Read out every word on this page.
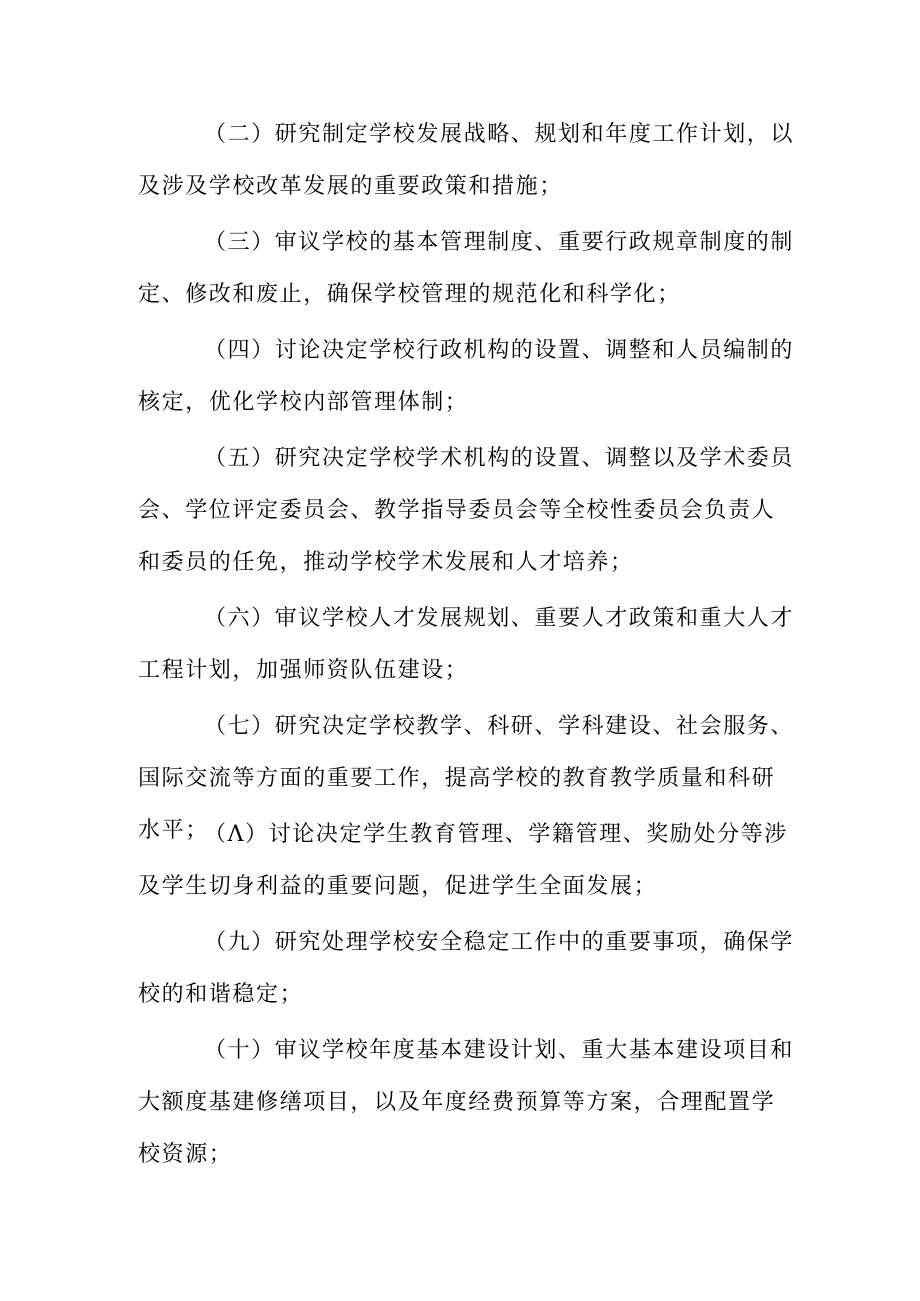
（二）研究制定学校发展战略、规划和年度工作计划，以及涉及学校改革发展的重要政策和措施；

（三）审议学校的基本管理制度、重要行政规章制度的制定、修改和废止，确保学校管理的规范化和科学化；

（四）讨论决定学校行政机构的设置、调整和人员编制的核定，优化学校内部管理体制；

（五）研究决定学校学术机构的设置、调整以及学术委员会、学位评定委员会、教学指导委员会等全校性委员会负责人和委员的任免，推动学校学术发展和人才培养；

（六）审议学校人才发展规划、重要人才政策和重大人才工程计划，加强师资队伍建设；

（七）研究决定学校教学、科研、学科建设、社会服务、国际交流等方面的重要工作，提高学校的教育教学质量和科研水平；

（Λ）讨论决定学生教育管理、学籍管理、奖励处分等涉及学生切身利益的重要问题，促进学生全面发展；

（九）研究处理学校安全稳定工作中的重要事项，确保学校的和谐稳定；

（十）审议学校年度基本建设计划、重大基本建设项目和大额度基建修缮项目，以及年度经费预算等方案，合理配置学校资源；
